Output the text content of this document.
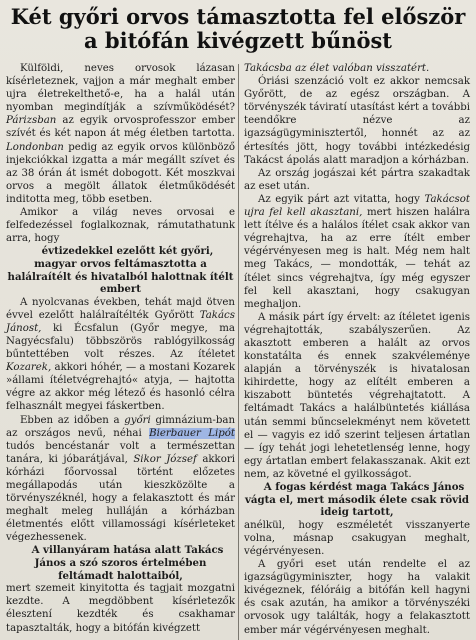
Két győri orvos támasztotta fel először
a bitófán kivégzett bűnöst

Külföldi, neves orvosok lázasan kísérleteznek, vajjon a már meghalt ember ujra életrekelthető-e, ha a halál után nyomban megindítják a szívműködését? Párizsban az egyik orvosprofesszor ember szívét és két napon át még életben tartotta. Londonban pedig az egyik orvos különböző injekciókkal izgatta a már megállt szívet és az 38 órán át ismét dobogott. Két moszkvai orvos a megölt állatok életműködését inditotta meg, több esetben.

Amikor a világ neves orvosai e felfedezéssel foglalkoznak, rámutathatunk arra, hogy

évtizedekkel ezelőtt két győri, magyar orvos feltámasztotta a halálraítélt és hivatalból halottnak ítélt embert

A nyolcvanas években, tehát majd ötven évvel ezelőtt halálraítélték Győrött Takács Jánost, ki Écsfalun (Győr megye, ma Nagyécsfalu) többszörös rablógyilkosság bűntettében volt részes. Az ítéletet Kozarek, akkori hóhér, — a mostani Kozarek »állami ítéletvégrehajtó« atyja, — hajtotta végre az akkor még létező és hasonló célra felhasznált megyei fáskertben.

Ebben az időben a győri gimnázium-ban az országos nevű, néhai Bierbauer Lipót tudós bencéstanár volt a természettan tanára, ki jóbarátjával, Sikor József akkori kórházi főorvossal történt előzetes megállapodás után kieszközölte a törvényszéknél, hogy a felakasztott és már meghalt meleg hulláján a kórházban életmentés előtt villamossági kísérleteket végezhessenek.

A villanyáram hatása alatt Takács János a szó szoros értelmében feltámadt halottaiból,

mert szemeit kinyitotta és tagjait mozgatni kezdte. A megdöbbent kísérletezők élesztení kezdték és csakhamar tapasztalták, hogy a bitófán kivégzett

Takácsba az élet valóban visszatért.

Óriási szenzáció volt ez akkor nemcsak Győrött, de az egész országban. A törvényszék táviratí utasítást kért a további teendőkre nézve az igazságügyminisztertől, honnét az az értesítés jött, hogy további intézkedésig Takácst ápolás alatt maradjon a kórházban.

Az ország jogászai két pártra szakadtak az eset után.

Az egyik párt azt vitatta, hogy Takácsot ujra fel kell akasztani, mert hiszen halálra lett ítélve és a halálos ítélet csak akkor van végrehajtva, ha az erre ítélt ember végérvényesen meg is halt. Még nem halt meg Takács, — mondották, — tehát az ítélet sincs végrehajtva, így még egyszer fel kell akasztani, hogy csakugyan meghaljon.

A másik párt így érvelt: az ítéletet igenis végrehajtották, szabályszerűen. Az akasztott emberen a halált az orvos konstatálta és ennek szakvéleménye alapján a törvényszék is hivatalosan kihirdette, hogy az elítélt emberen a kiszabott büntetés végrehajtatott. A feltámadt Takács a halálbüntetés kiállása után semmi bűncselekményt nem követett el — vagyis ez idő szerint teljesen ártatlan — így tehát jogi lehetetlenség lenne, hogy egy ártatlan embert felakasszanak. Akit ezt nem, az követné el gyilkosságot.

A fogas kérdést maga Takács János vágta el, mert második élete csak rövid ideig tartott,

anélkül, hogy eszméletét visszanyerte volna, másnap csakugyan meghalt, végérvényesen.

A győri eset után rendelte el az igazságügyminiszter, hogy ha valakit kivégeznek, félóráig a bitófán kell hagyni és csak azután, ha amikor a törvényszéki orvosok ugy találták, hogy a felakasztott ember már végérvényesen meghalt.
